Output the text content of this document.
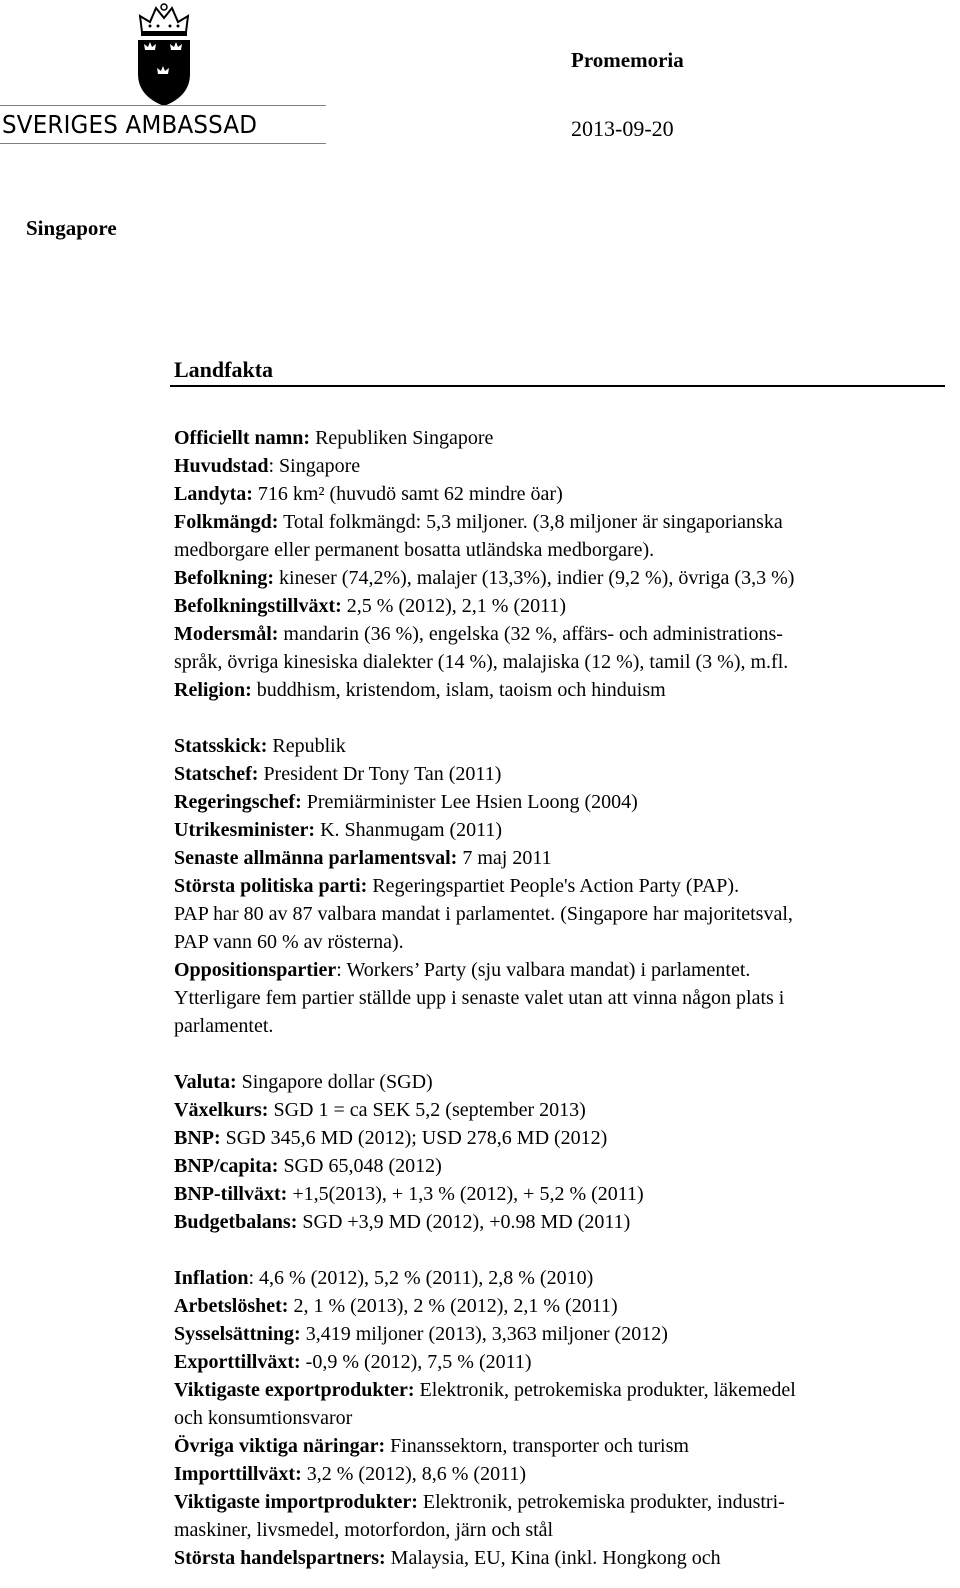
SVERIGES AMBASSAD
Promemoria
2013-09-20
Singapore
Landfakta
Officiellt namn: Republiken Singapore
Huvudstad: Singapore
Landyta: 716 km² (huvudö samt 62 mindre öar)
Folkmängd: Total folkmängd: 5,3 miljoner. (3,8 miljoner är singaporianska
medborgare eller permanent bosatta utländska medborgare).
Befolkning: kineser (74,2%), malajer (13,3%), indier (9,2 %), övriga (3,3 %)
Befolkningstillväxt: 2,5 % (2012), 2,1 % (2011)
Modersmål: mandarin (36 %), engelska (32 %, affärs- och administrations-
språk, övriga kinesiska dialekter (14 %), malajiska (12 %), tamil (3 %), m.fl.
Religion: buddhism, kristendom, islam, taoism och hinduism
Statsskick: Republik
Statschef: President Dr Tony Tan (2011)
Regeringschef: Premiärminister Lee Hsien Loong (2004)
Utrikesminister: K. Shanmugam (2011)
Senaste allmänna parlamentsval: 7 maj 2011
Största politiska parti: Regeringspartiet People's Action Party (PAP).
PAP har 80 av 87 valbara mandat i parlamentet. (Singapore har majoritetsval,
PAP vann 60 % av rösterna).
Oppositionspartier: Workers’ Party (sju valbara mandat) i parlamentet.
Ytterligare fem partier ställde upp i senaste valet utan att vinna någon plats i
parlamentet.
Valuta: Singapore dollar (SGD)
Växelkurs: SGD 1 = ca SEK 5,2 (september 2013)
BNP: SGD 345,6 MD (2012); USD 278,6 MD (2012)
BNP/capita: SGD 65,048 (2012)
BNP-tillväxt: +1,5(2013), + 1,3 % (2012), + 5,2 % (2011)
Budgetbalans: SGD +3,9 MD (2012), +0.98 MD (2011)
Inflation: 4,6 % (2012), 5,2 % (2011), 2,8 % (2010)
Arbetslöshet: 2, 1 % (2013), 2 % (2012), 2,1 % (2011)
Sysselsättning: 3,419 miljoner (2013), 3,363 miljoner (2012)
Exporttillväxt: -0,9 % (2012), 7,5 % (2011)
Viktigaste exportprodukter: Elektronik, petrokemiska produkter, läkemedel
och konsumtionsvaror
Övriga viktiga näringar: Finanssektorn, transporter och turism
Importtillväxt: 3,2 % (2012), 8,6 % (2011)
Viktigaste importprodukter: Elektronik, petrokemiska produkter, industri-
maskiner, livsmedel, motorfordon, järn och stål
Största handelspartners: Malaysia, EU, Kina (inkl. Hongkong och
